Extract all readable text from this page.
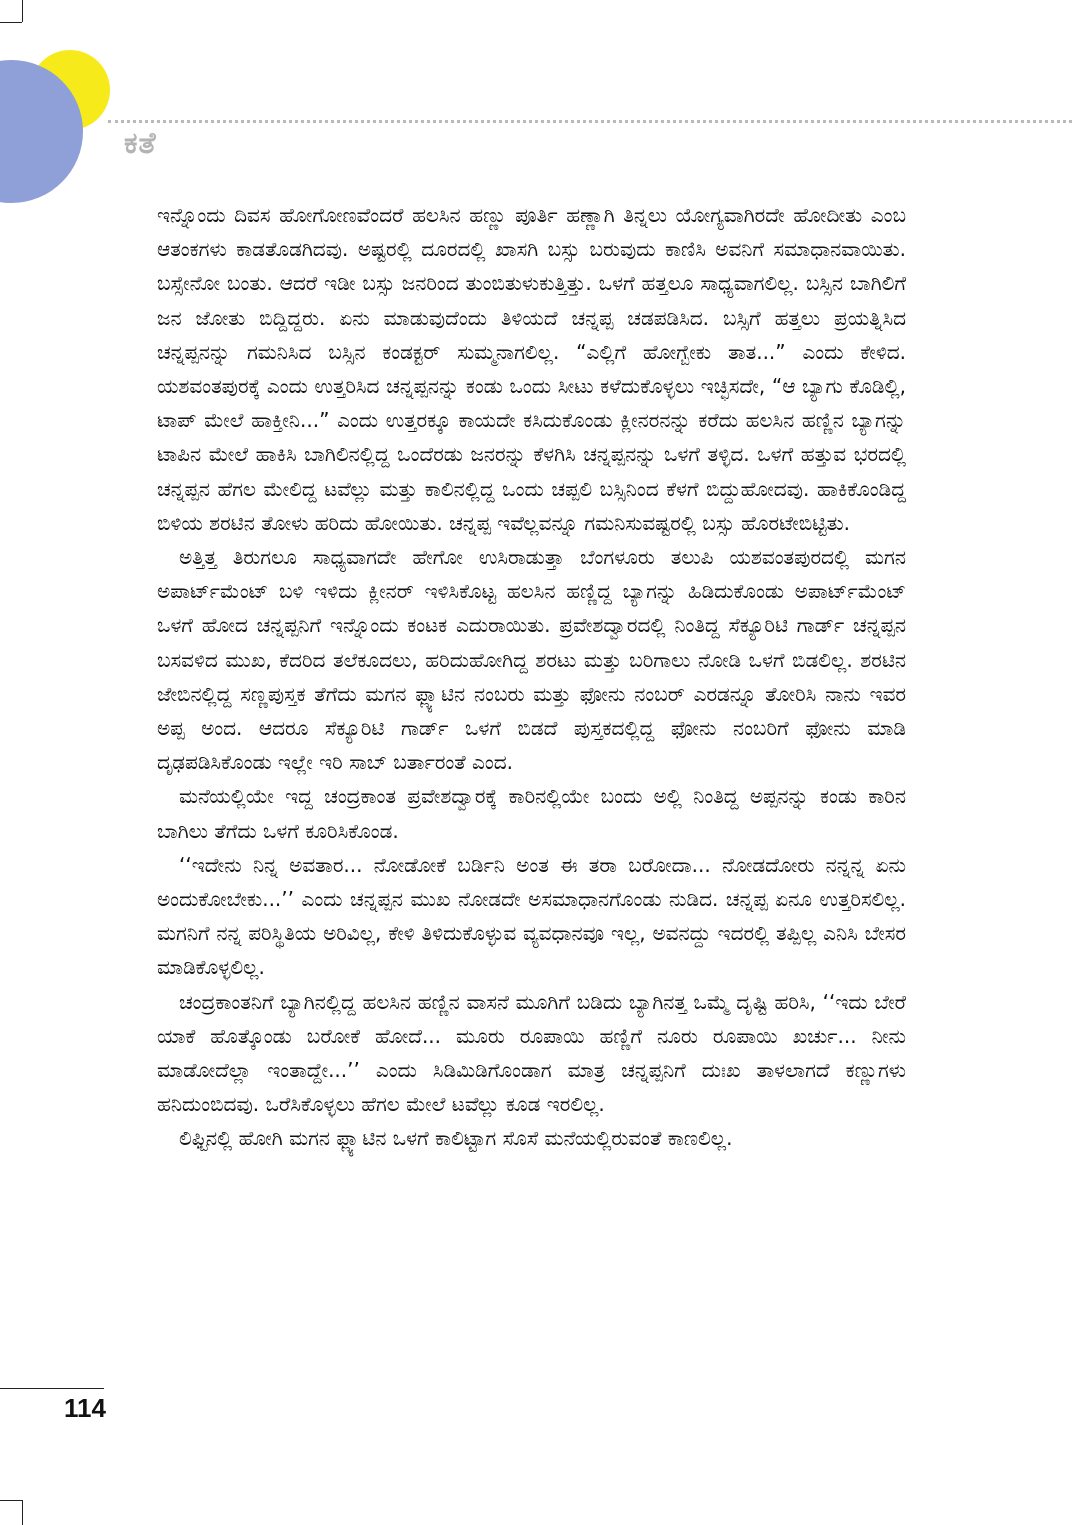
ಕತೆ

ಇನ್ನೊಂದು ದಿವಸ ಹೋಗೋಣವೆಂದರೆ ಹಲಸಿನ ಹಣ್ಣು ಪೂರ್ತಿ ಹಣ್ಣಾಗಿ ತಿನ್ನಲು ಯೋಗ್ಯವಾಗಿರದೇ ಹೋದೀತು ಎಂಬ ಆತಂಕಗಳು ಕಾಡತೊಡಗಿದವು. ಅಷ್ಟರಲ್ಲಿ ದೂರದಲ್ಲಿ ಖಾಸಗಿ ಬಸ್ಸು ಬರುವುದು ಕಾಣಿಸಿ ಅವನಿಗೆ ಸಮಾಧಾನವಾಯಿತು. ಬಸ್ಸೇನೋ ಬಂತು. ಆದರೆ ಇಡೀ ಬಸ್ಸು ಜನರಿಂದ ತುಂಬಿತುಳುಕುತ್ತಿತ್ತು. ಒಳಗೆ ಹತ್ತಲೂ ಸಾಧ್ಯವಾಗಲಿಲ್ಲ. ಬಸ್ಸಿನ ಬಾಗಿಲಿಗೆ ಜನ ಜೋತು ಬಿದ್ದಿದ್ದರು. ಏನು ಮಾಡುವುದೆಂದು ತಿಳಿಯದೆ ಚನ್ನಪ್ಪ ಚಡಪಡಿಸಿದ. ಬಸ್ಸಿಗೆ ಹತ್ತಲು ಪ್ರಯತ್ನಿಸಿದ ಚನ್ನಪ್ಪನನ್ನು ಗಮನಿಸಿದ ಬಸ್ಸಿನ ಕಂಡಕ್ಟರ್ ಸುಮ್ಮನಾಗಲಿಲ್ಲ. “ಎಲ್ಲಿಗೆ ಹೋಗ್ಬೇಕು ತಾತ...” ಎಂದು ಕೇಳಿದ. ಯಶವಂತಪುರಕ್ಕೆ ಎಂದು ಉತ್ತರಿಸಿದ ಚನ್ನಪ್ಪನನ್ನು ಕಂಡು ಒಂದು ಸೀಟು ಕಳೆದುಕೊಳ್ಳಲು ಇಚ್ಛಿಸದೇ, “ಆ ಬ್ಯಾಗು ಕೊಡಿಲ್ಲಿ, ಟಾಪ್ ಮೇಲೆ ಹಾಕ್ತೀನಿ...” ಎಂದು ಉತ್ತರಕ್ಕೂ ಕಾಯದೇ ಕಸಿದುಕೊಂಡು ಕ್ಲೀನರನನ್ನು ಕರೆದು ಹಲಸಿನ ಹಣ್ಣಿನ ಬ್ಯಾಗನ್ನು ಟಾಪಿನ ಮೇಲೆ ಹಾಕಿಸಿ ಬಾಗಿಲಿನಲ್ಲಿದ್ದ ಒಂದೆರಡು ಜನರನ್ನು ಕೆಳಗಿಸಿ ಚನ್ನಪ್ಪನನ್ನು ಒಳಗೆ ತಳ್ಳಿದ. ಒಳಗೆ ಹತ್ತುವ ಭರದಲ್ಲಿ ಚನ್ನಪ್ಪನ ಹೆಗಲ ಮೇಲಿದ್ದ ಟವೆಲ್ಲು ಮತ್ತು ಕಾಲಿನಲ್ಲಿದ್ದ ಒಂದು ಚಪ್ಪಲಿ ಬಸ್ಸಿನಿಂದ ಕೆಳಗೆ ಬಿದ್ದುಹೋದವು. ಹಾಕಿಕೊಂಡಿದ್ದ ಬಿಳಿಯ ಶರಟಿನ ತೋಳು ಹರಿದು ಹೋಯಿತು. ಚನ್ನಪ್ಪ ಇವೆಲ್ಲವನ್ನೂ ಗಮನಿಸುವಷ್ಟರಲ್ಲಿ ಬಸ್ಸು ಹೊರಟೇಬಿಟ್ಟಿತು.

ಅತ್ತಿತ್ತ ತಿರುಗಲೂ ಸಾಧ್ಯವಾಗದೇ ಹೇಗೋ ಉಸಿರಾಡುತ್ತಾ ಬೆಂಗಳೂರು ತಲುಪಿ ಯಶವಂತಪುರದಲ್ಲಿ ಮಗನ ಅಪಾರ್ಟ್‌ಮೆಂಟ್ ಬಳಿ ಇಳಿದು ಕ್ಲೀನರ್ ಇಳಿಸಿಕೊಟ್ಟ ಹಲಸಿನ ಹಣ್ಣಿದ್ದ ಬ್ಯಾಗನ್ನು ಹಿಡಿದುಕೊಂಡು ಅಪಾರ್ಟ್‌ಮೆಂಟ್ ಒಳಗೆ ಹೋದ ಚನ್ನಪ್ಪನಿಗೆ ಇನ್ನೊಂದು ಕಂಟಕ ಎದುರಾಯಿತು. ಪ್ರವೇಶದ್ವಾರದಲ್ಲಿ ನಿಂತಿದ್ದ ಸೆಕ್ಯೂರಿಟಿ ಗಾರ್ಡ್ ಚನ್ನಪ್ಪನ ಬಸವಳಿದ ಮುಖ, ಕೆದರಿದ ತಲೆಕೂದಲು, ಹರಿದುಹೋಗಿದ್ದ ಶರಟು ಮತ್ತು ಬರಿಗಾಲು ನೋಡಿ ಒಳಗೆ ಬಿಡಲಿಲ್ಲ. ಶರಟಿನ ಜೇಬಿನಲ್ಲಿದ್ದ ಸಣ್ಣಪುಸ್ತಕ ತೆಗೆದು ಮಗನ ಫ್ಲ್ಯಾಟಿನ ನಂಬರು ಮತ್ತು ಫೋನು ನಂಬರ್ ಎರಡನ್ನೂ ತೋರಿಸಿ ನಾನು ಇವರ ಅಪ್ಪ ಅಂದ. ಆದರೂ ಸೆಕ್ಯೂರಿಟಿ ಗಾರ್ಡ್ ಒಳಗೆ ಬಿಡದೆ ಪುಸ್ತಕದಲ್ಲಿದ್ದ ಫೋನು ನಂಬರಿಗೆ ಫೋನು ಮಾಡಿ ದೃಢಪಡಿಸಿಕೊಂಡು ಇಲ್ಲೇ ಇರಿ ಸಾಬ್ ಬರ್ತಾರಂತೆ ಎಂದ.

ಮನೆಯಲ್ಲಿಯೇ ಇದ್ದ ಚಂದ್ರಕಾಂತ ಪ್ರವೇಶದ್ವಾರಕ್ಕೆ ಕಾರಿನಲ್ಲಿಯೇ ಬಂದು ಅಲ್ಲಿ ನಿಂತಿದ್ದ ಅಪ್ಪನನ್ನು ಕಂಡು ಕಾರಿನ ಬಾಗಿಲು ತೆಗೆದು ಒಳಗೆ ಕೂರಿಸಿಕೊಂಡ.

‘‘ಇದೇನು ನಿನ್ನ ಅವತಾರ... ನೋಡೋಕೆ ಬರ್ಡಿನಿ ಅಂತ ಈ ತರಾ ಬರೋದಾ... ನೋಡದೋರು ನನ್ನನ್ನ ಏನು ಅಂದುಕೋಬೇಕು...’’ ಎಂದು ಚನ್ನಪ್ಪನ ಮುಖ ನೋಡದೇ ಅಸಮಾಧಾನಗೊಂಡು ನುಡಿದ. ಚನ್ನಪ್ಪ ಏನೂ ಉತ್ತರಿಸಲಿಲ್ಲ. ಮಗನಿಗೆ ನನ್ನ ಪರಿಸ್ಥಿತಿಯ ಅರಿವಿಲ್ಲ, ಕೇಳಿ ತಿಳಿದುಕೊಳ್ಳುವ ವ್ಯವಧಾನವೂ ಇಲ್ಲ, ಅವನದ್ದು ಇದರಲ್ಲಿ ತಪ್ಪಿಲ್ಲ ಎನಿಸಿ ಬೇಸರ ಮಾಡಿಕೊಳ್ಳಲಿಲ್ಲ.

ಚಂದ್ರಕಾಂತನಿಗೆ ಬ್ಯಾಗಿನಲ್ಲಿದ್ದ ಹಲಸಿನ ಹಣ್ಣಿನ ವಾಸನೆ ಮೂಗಿಗೆ ಬಡಿದು ಬ್ಯಾಗಿನತ್ತ ಒಮ್ಮೆ ದೃಷ್ಟಿ ಹರಿಸಿ, ‘‘ಇದು ಬೇರೆ ಯಾಕೆ ಹೊತ್ಕೊಂಡು ಬರೋಕೆ ಹೋದೆ... ಮೂರು ರೂಪಾಯಿ ಹಣ್ಣಿಗೆ ನೂರು ರೂಪಾಯಿ ಖರ್ಚು... ನೀನು ಮಾಡೋದೆಲ್ಲಾ ಇಂತಾದ್ದೇ...’’ ಎಂದು ಸಿಡಿಮಿಡಿಗೊಂಡಾಗ ಮಾತ್ರ ಚನ್ನಪ್ಪನಿಗೆ ದುಃಖ ತಾಳಲಾಗದೆ ಕಣ್ಣುಗಳು ಹನಿದುಂಬಿದವು. ಒರೆಸಿಕೊಳ್ಳಲು ಹೆಗಲ ಮೇಲೆ ಟವೆಲ್ಲು ಕೂಡ ಇರಲಿಲ್ಲ.

ಲಿಫ್ಟಿನಲ್ಲಿ ಹೋಗಿ ಮಗನ ಫ್ಲ್ಯಾಟಿನ ಒಳಗೆ ಕಾಲಿಟ್ಟಾಗ ಸೊಸೆ ಮನೆಯಲ್ಲಿರುವಂತೆ ಕಾಣಲಿಲ್ಲ.

114
